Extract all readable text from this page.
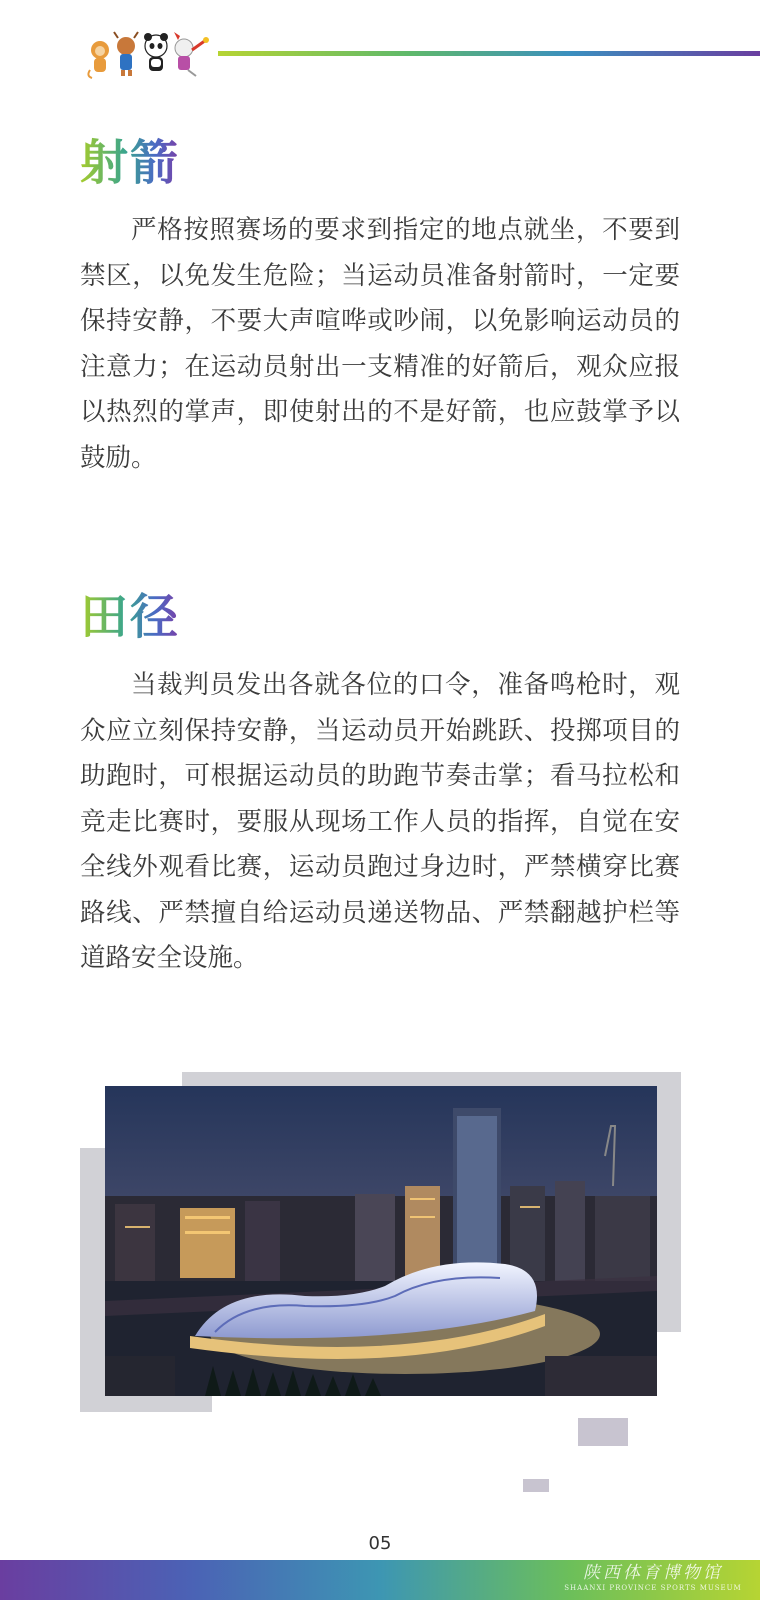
射箭

严格按照赛场的要求到指定的地点就坐，不要到禁区，以免发生危险；当运动员准备射箭时，一定要保持安静，不要大声喧哗或吵闹，以免影响运动员的注意力；在运动员射出一支精准的好箭后，观众应报以热烈的掌声，即使射出的不是好箭，也应鼓掌予以鼓励。

田径

当裁判员发出各就各位的口令，准备鸣枪时，观众应立刻保持安静，当运动员开始跳跃、投掷项目的助跑时，可根据运动员的助跑节奏击掌；看马拉松和竞走比赛时，要服从现场工作人员的指挥，自觉在安全线外观看比赛，运动员跑过身边时，严禁横穿比赛路线、严禁擅自给运动员递送物品、严禁翻越护栏等道路安全设施。

05
陕西体育博物馆
SHAANXI PROVINCE SPORTS MUSEUM
